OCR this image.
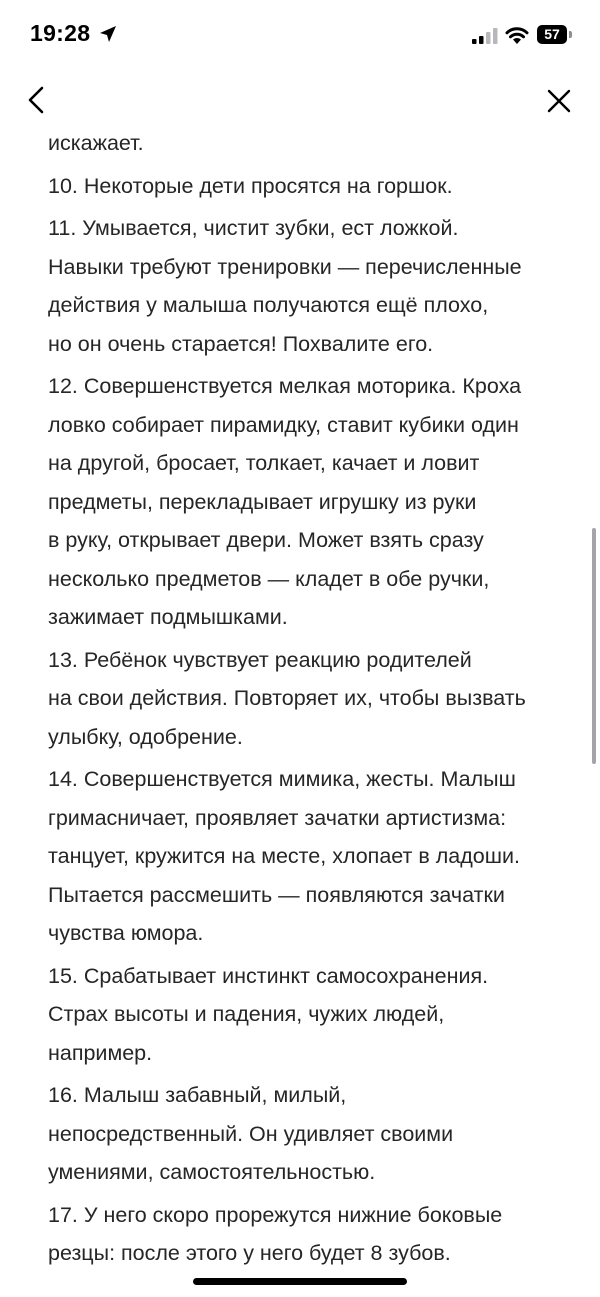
19:28	57
искажает.
10. Некоторые дети просятся на горшок.
11. Умывается, чистит зубки, ест ложкой.
Навыки требуют тренировки — перечисленные
действия у малыша получаются ещё плохо,
но он очень старается! Похвалите его.
12. Совершенствуется мелкая моторика. Кроха
ловко собирает пирамидку, ставит кубики один
на другой, бросает, толкает, качает и ловит
предметы, перекладывает игрушку из руки
в руку, открывает двери. Может взять сразу
несколько предметов — кладет в обе ручки,
зажимает подмышками.
13. Ребёнок чувствует реакцию родителей
на свои действия. Повторяет их, чтобы вызвать
улыбку, одобрение.
14. Совершенствуется мимика, жесты. Малыш
гримасничает, проявляет зачатки артистизма:
танцует, кружится на месте, хлопает в ладоши.
Пытается рассмешить — появляются зачатки
чувства юмора.
15. Срабатывает инстинкт самосохранения.
Страх высоты и падения, чужих людей,
например.
16. Малыш забавный, милый,
непосредственный. Он удивляет своими
умениями, самостоятельностью.
17. У него скоро прорежутся нижние боковые
резцы: после этого у него будет 8 зубов.
